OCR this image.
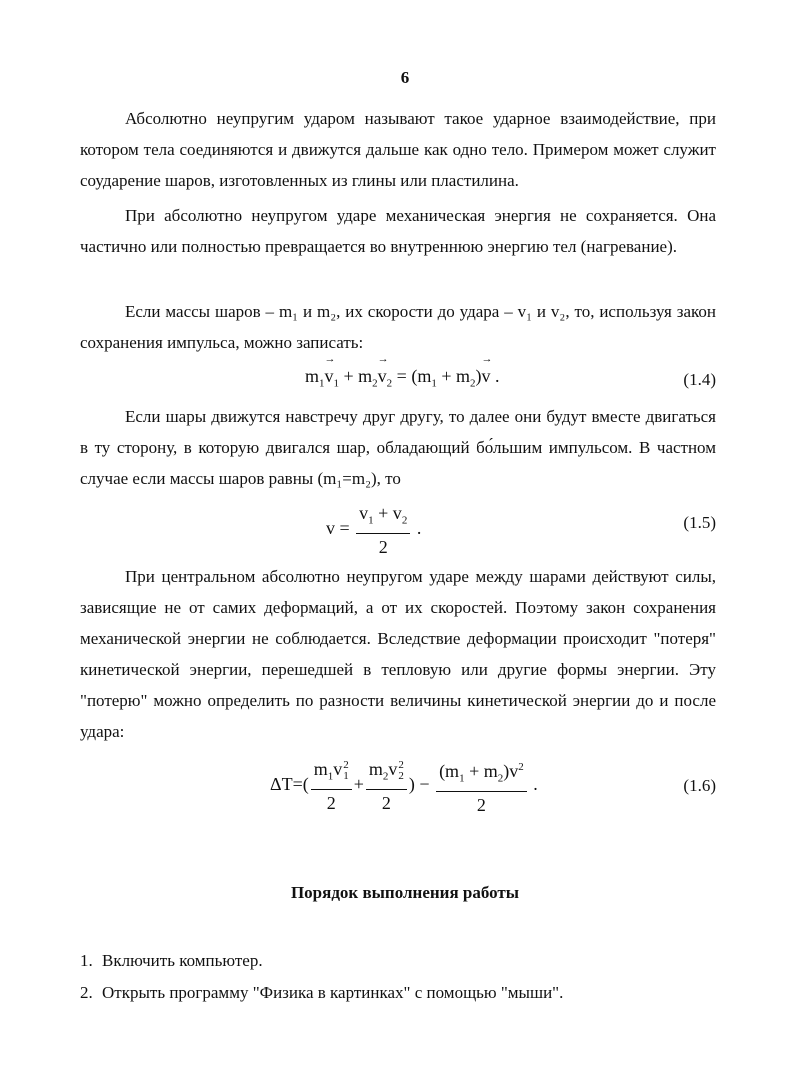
6

Абсолютно неупругим ударом называют такое ударное взаимодействие, при котором тела соединяются и движутся дальше как одно тело. Примером может служит соударение шаров, изготовленных из глины или пластилина.

При абсолютно неупругом ударе механическая энергия не сохраняется. Она частично или полностью превращается во внутреннюю энергию тел (нагревание).

Если массы шаров – m₁ и m₂, их скорости до удара – v₁ и v₂, то, используя закон сохранения импульса, можно записать:

$m_1\to v_1 + m_2\to v_2 = (m_1 + m_2)\to v$ .	(1.4)

Если шары движутся навстречу друг другу, то далее они будут вместе двигаться в ту сторону, в которую двигался шар, обладающий бо́льшим импульсом. В частном случае если массы шаров равны (m₁=m₂), то

$v = \frac{v_1 + v_2}{2}$ .	(1.5)

При центральном абсолютно неупругом ударе между шарами действуют силы, зависящие не от самих деформаций, а от их скоростей. Поэтому закон сохранения механической энергии не соблюдается. Вследствие деформации происходит "потеря" кинетической энергии, перешедшей в тепловую или другие формы энергии. Эту "потерю" можно определить по разности величины кинетической энергии до и после удара:

ΔT=( $m_1v$ 2
1
$2 + m_2v$ 2
2
2 ) − $\frac{(m_1 + m_2)v^2}{2}$ .	(1.6)
Порядок выполнения работы
1. Включить компьютер.
2. Открыть программу "Физика в картинках" с помощью "мыши".
